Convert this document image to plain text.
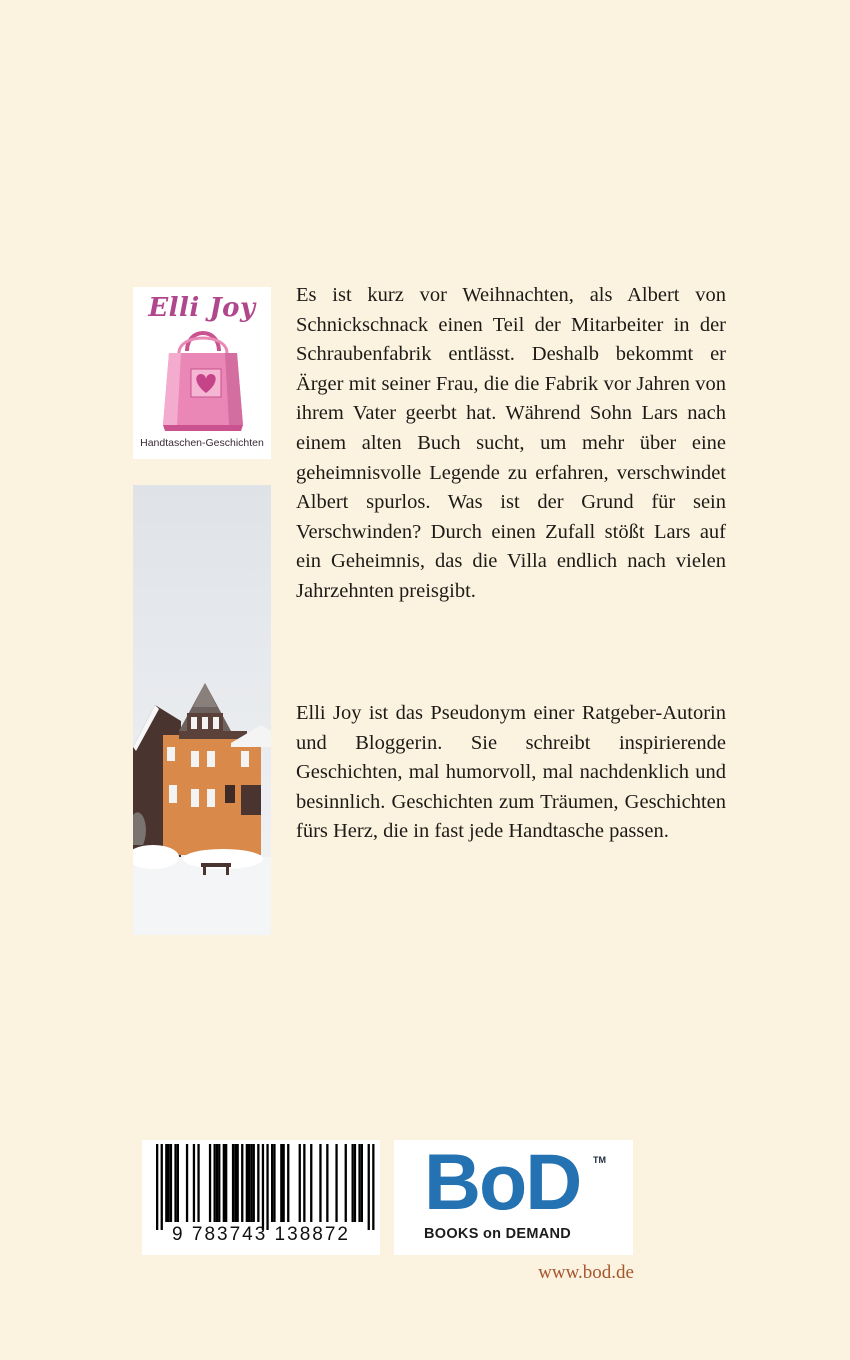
Elli Joy
Handtaschen-Geschichten
Es ist kurz vor Weihnachten, als Albert von Schnickschnack einen Teil der Mitarbeiter in der Schraubenfabrik entlässt. Deshalb bekommt er Ärger mit seiner Frau, die die Fabrik vor Jahren von ihrem Vater geerbt hat. Während Sohn Lars nach einem alten Buch sucht, um mehr über eine geheimnisvolle Legende zu erfahren, verschwindet Albert spurlos. Was ist der Grund für sein Verschwinden? Durch einen Zufall stößt Lars auf ein Geheimnis, das die Villa endlich nach vielen Jahrzehnten preisgibt.
Elli Joy ist das Pseudonym einer Ratgeber-Autorin und Bloggerin. Sie schreibt inspirierende Geschichten, mal humorvoll, mal nachdenklich und besinnlich. Geschichten zum Träumen, Geschichten fürs Herz, die in fast jede Handtasche passen.
9 783743 138872
BoD TM
BOOKS on DEMAND
www.bod.de
